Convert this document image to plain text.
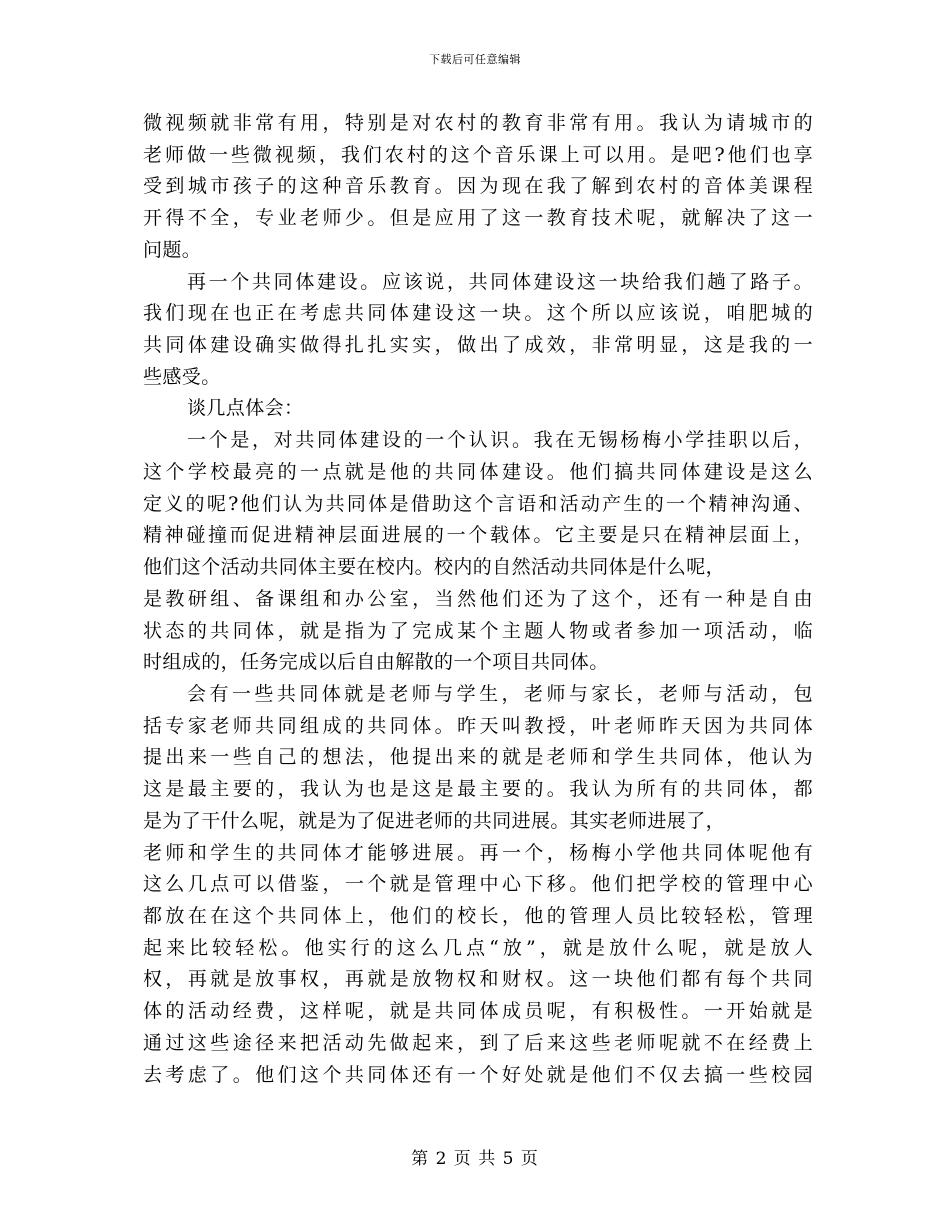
下载后可任意编辑
微视频就非常有用，特别是对农村的教育非常有用。我认为请城市的
老师做一些微视频，我们农村的这个音乐课上可以用。是吧?他们也享
受到城市孩子的这种音乐教育。因为现在我了解到农村的音体美课程
开得不全，专业老师少。但是应用了这一教育技术呢，就解决了这一
问题。
再一个共同体建设。应该说，共同体建设这一块给我们趟了路子。
我们现在也正在考虑共同体建设这一块。这个所以应该说，咱肥城的
共同体建设确实做得扎扎实实，做出了成效，非常明显，这是我的一
些感受。
谈几点体会：
一个是，对共同体建设的一个认识。我在无锡杨梅小学挂职以后，
这个学校最亮的一点就是他的共同体建设。他们搞共同体建设是这么
定义的呢?他们认为共同体是借助这个言语和活动产生的一个精神沟通、
精神碰撞而促进精神层面进展的一个载体。它主要是只在精神层面上，
他们这个活动共同体主要在校内。校内的自然活动共同体是什么呢，
是教研组、备课组和办公室，当然他们还为了这个，还有一种是自由
状态的共同体，就是指为了完成某个主题人物或者参加一项活动，临
时组成的，任务完成以后自由解散的一个项目共同体。
会有一些共同体就是老师与学生，老师与家长，老师与活动，包
括专家老师共同组成的共同体。昨天叫教授，叶老师昨天因为共同体
提出来一些自己的想法，他提出来的就是老师和学生共同体，他认为
这是最主要的，我认为也是这是最主要的。我认为所有的共同体，都
是为了干什么呢，就是为了促进老师的共同进展。其实老师进展了，
老师和学生的共同体才能够进展。再一个，杨梅小学他共同体呢他有
这么几点可以借鉴，一个就是管理中心下移。他们把学校的管理中心
都放在在这个共同体上，他们的校长，他的管理人员比较轻松，管理
起来比较轻松。他实行的这么几点“放”，就是放什么呢，就是放人
权，再就是放事权，再就是放物权和财权。这一块他们都有每个共同
体的活动经费，这样呢，就是共同体成员呢，有积极性。一开始就是
通过这些途径来把活动先做起来，到了后来这些老师呢就不在经费上
去考虑了。他们这个共同体还有一个好处就是他们不仅去搞一些校园
第 2 页 共 5 页
